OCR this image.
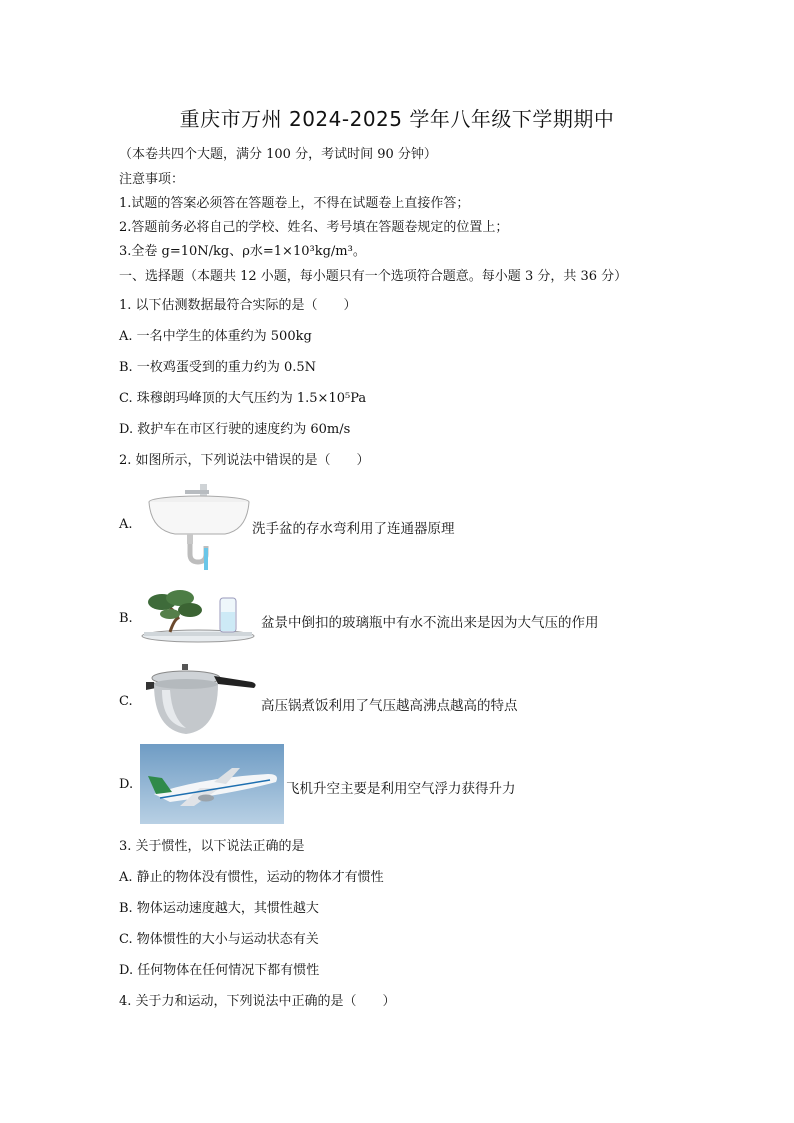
重庆市万州 2024-2025 学年八年级下学期期中
（本卷共四个大题，满分 100 分，考试时间 90 分钟）
注意事项：
1.试题的答案必须答在答题卷上，不得在试题卷上直接作答；
2.答题前务必将自己的学校、姓名、考号填在答题卷规定的位置上；
3.全卷 g=10N/kg、ρ水=1×10³kg/m³。
一、选择题（本题共 12 小题，每小题只有一个选项符合题意。每小题 3 分，共 36 分）
1. 以下估测数据最符合实际的是（　　）
A. 一名中学生的体重约为 500kg
B. 一枚鸡蛋受到的重力约为 0.5N
C. 珠穆朗玛峰顶的大气压约为 1.5×10⁵Pa
D. 救护车在市区行驶的速度约为 60m/s
2. 如图所示，下列说法中错误的是（　　）
A.	洗手盆的存水弯利用了连通器原理
B.	盆景中倒扣的玻璃瓶中有水不流出来是因为大气压的作用
C.	高压锅煮饭利用了气压越高沸点越高的特点
D.	飞机升空主要是利用空气浮力获得升力
3. 关于惯性，以下说法正确的是
A. 静止的物体没有惯性，运动的物体才有惯性
B. 物体运动速度越大，其惯性越大
C. 物体惯性的大小与运动状态有关
D. 任何物体在任何情况下都有惯性
4. 关于力和运动，下列说法中正确的是（　　）
